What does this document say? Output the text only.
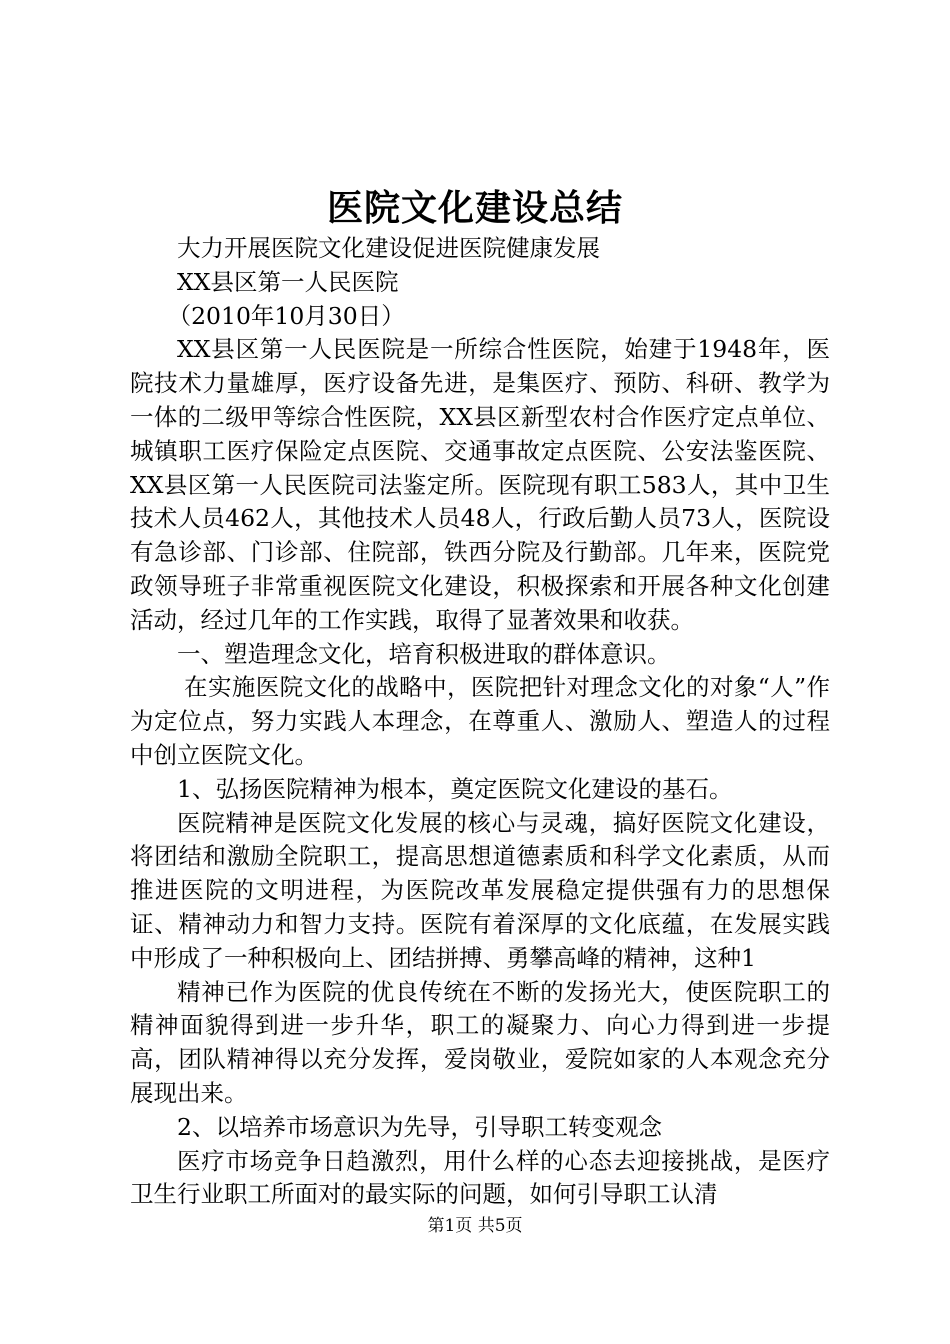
医院文化建设总结

大力开展医院文化建设促进医院健康发展

XX县区第一人民医院

（2010年10月30日）

XX县区第一人民医院是一所综合性医院，始建于1948年，医院技术力量雄厚，医疗设备先进，是集医疗、预防、科研、教学为一体的二级甲等综合性医院，XX县区新型农村合作医疗定点单位、城镇职工医疗保险定点医院、交通事故定点医院、公安法鉴医院、XX县区第一人民医院司法鉴定所。医院现有职工583人，其中卫生技术人员462人，其他技术人员48人，行政后勤人员73人，医院设有急诊部、门诊部、住院部，铁西分院及行勤部。几年来，医院党政领导班子非常重视医院文化建设，积极探索和开展各种文化创建活动，经过几年的工作实践，取得了显著效果和收获。

一、塑造理念文化，培育积极进取的群体意识。

在实施医院文化的战略中，医院把针对理念文化的对象“人”作为定位点，努力实践人本理念，在尊重人、激励人、塑造人的过程中创立医院文化。

1、弘扬医院精神为根本，奠定医院文化建设的基石。

医院精神是医院文化发展的核心与灵魂，搞好医院文化建设，将团结和激励全院职工，提高思想道德素质和科学文化素质，从而推进医院的文明进程，为医院改革发展稳定提供强有力的思想保证、精神动力和智力支持。医院有着深厚的文化底蕴，在发展实践中形成了一种积极向上、团结拼搏、勇攀高峰的精神，这种1

精神已作为医院的优良传统在不断的发扬光大，使医院职工的精神面貌得到进一步升华，职工的凝聚力、向心力得到进一步提高，团队精神得以充分发挥，爱岗敬业，爱院如家的人本观念充分展现出来。

2、以培养市场意识为先导，引导职工转变观念

医疗市场竞争日趋激烈，用什么样的心态去迎接挑战，是医疗卫生行业职工所面对的最实际的问题，如何引导职工认清

第1页 共5页
